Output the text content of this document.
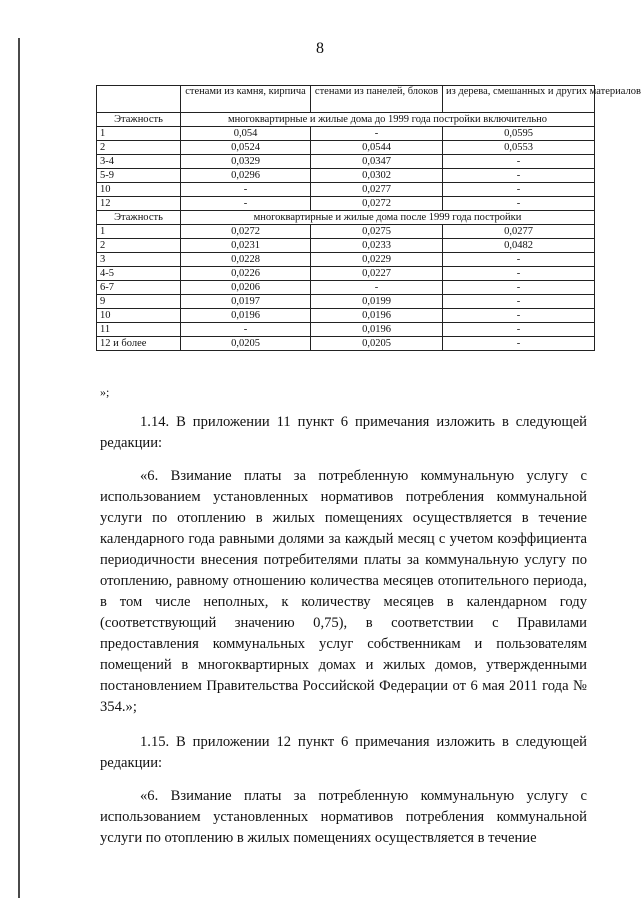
8
	стенами из камня, кирпича	стенами из панелей, блоков	из дерева, смешанных и других материалов
Этажность	многоквартирные и жилые дома до 1999 года постройки включительно		
1	0,054	-	0,0595
2	0,0524	0,0544	0,0553
3-4	0,0329	0,0347	-
5-9	0,0296	0,0302	-
10	-	0,0277	-
12	-	0,0272	-
Этажность	многоквартирные и жилые дома после 1999 года постройки		
1	0,0272	0,0275	0,0277
2	0,0231	0,0233	0,0482
3	0,0228	0,0229	-
4-5	0,0226	0,0227	-
6-7	0,0206	-	-
9	0,0197	0,0199	-
10	0,0196	0,0196	-
11	-	0,0196	-
12 и более	0,0205	0,0205	-
»;
1.14. В приложении 11 пункт 6 примечания изложить в следующей редакции:
«6. Взимание платы за потребленную коммунальную услугу с использованием установленных нормативов потребления коммунальной услуги по отоплению в жилых помещениях осуществляется в течение календарного года равными долями за каждый месяц с учетом коэффициента периодичности внесения потребителями платы за коммунальную услугу по отоплению, равному отношению количества месяцев отопительного периода, в том числе неполных, к количеству месяцев в календарном году (соответствующий значению 0,75), в соответствии с Правилами предоставления коммунальных услуг собственникам и пользователям помещений в многоквартирных домах и жилых домов, утвержденными постановлением Правительства Российской Федерации от 6 мая 2011 года № 354.»;
1.15. В приложении 12 пункт 6 примечания изложить в следующей редакции:
«6. Взимание платы за потребленную коммунальную услугу с использованием установленных нормативов потребления коммунальной услуги по отоплению в жилых помещениях осуществляется в течение
